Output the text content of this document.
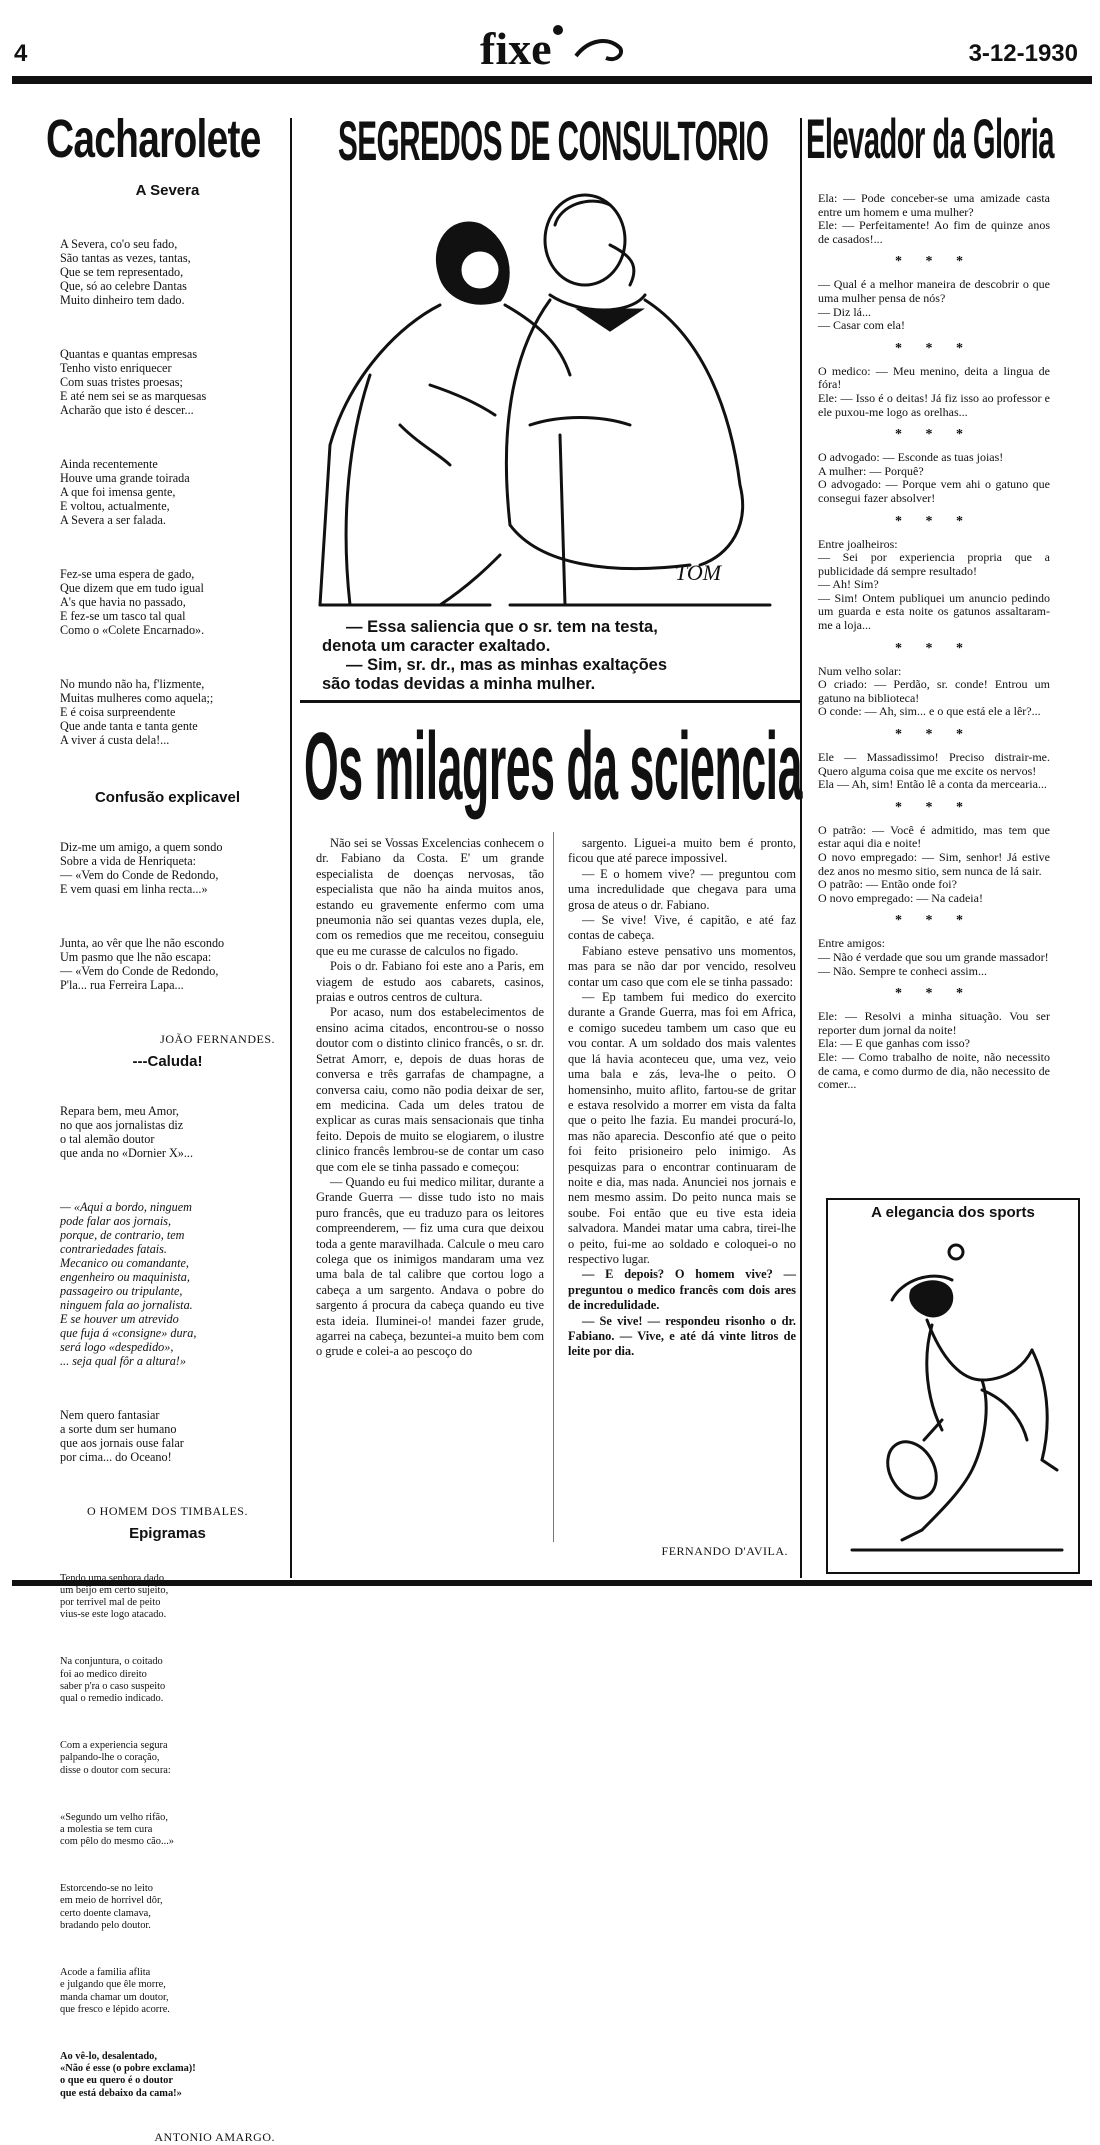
4	fixe	3-12-1930
Cacharolete
A Severa

A Severa, co'o seu fado,
São tantas as vezes, tantas,
Que se tem representado,
Que, só ao celebre Dantas
Muito dinheiro tem dado.

Quantas e quantas empresas
Tenho visto enriquecer
Com suas tristes proesas;
E até nem sei se as marquesas
Acharão que isto é descer...

Ainda recentemente
Houve uma grande toirada
A que foi imensa gente,
E voltou, actualmente,
A Severa a ser falada.

Fez-se uma espera de gado,
Que dizem que em tudo igual
A's que havia no passado,
E fez-se um tasco tal qual
Como o «Colete Encarnado».

No mundo não ha, f'lizmente,
Muitas mulheres como aquela;;
E é coisa surpreendente
Que ande tanta e tanta gente
A viver á custa dela!...

Confusão explicavel

Diz-me um amigo, a quem sondo
Sobre a vida de Henriqueta:
— «Vem do Conde de Redondo,
E vem quasi em linha recta...»

Junta, ao vêr que lhe não escondo
Um pasmo que lhe não escapa:
— «Vem do Conde de Redondo,
P'la... rua Ferreira Lapa...

JOÃO FERNANDES.
---Caluda!

Repara bem, meu Amor,
no que aos jornalistas diz
o tal alemão doutor
que anda no «Dornier X»...

— «Aqui a bordo, ninguem
pode falar aos jornais,
porque, de contrario, tem
contrariedades fatais.
Mecanico ou comandante,
engenheiro ou maquinista,
passageiro ou tripulante,
ninguem fala ao jornalista.
E se houver um atrevido
que fuja á «consigne» dura,
será logo «despedido»,
... seja qual fôr a altura!»

Nem quero fantasiar
a sorte dum ser humano
que aos jornais ouse falar
por cima... do Oceano!

O HOMEM DOS TIMBALES.
Epigramas

Tendo uma senhora dado
um beijo em certo sujeito,
por terrivel mal de peito
vius-se este logo atacado.

Na conjuntura, o coitado
foi ao medico direito
saber p'ra o caso suspeito
qual o remedio indicado.

Com a experiencia segura
palpando-lhe o coração,
disse o doutor com secura:

«Segundo um velho rifão,
a molestia se tem cura
com pêlo do mesmo cão...»

Estorcendo-se no leito
em meio de horrivel dôr,
certo doente clamava,
bradando pelo doutor.

Acode a familia aflita
e julgando que êle morre,
manda chamar um doutor,
que fresco e lépido acorre.

Ao vê-lo, desalentado,
«Não é esse (o pobre exclama)!
o que eu quero é o doutor
que está debaixo da cama!»

ANTONIO AMARGO.
SEGREDOS DE CONSULTORIO
TOM
— Essa saliencia que o sr. tem na testa,
denota um caracter exaltado.
— Sim, sr. dr., mas as minhas exaltações
são todas devidas a minha mulher.
Os milagres da sciencia

Não sei se Vossas Excelencias conhecem o dr. Fabiano da Costa. E' um grande especialista de doenças nervosas, tão especialista que não ha ainda muitos anos, estando eu gravemente enfermo com uma pneumonia não sei quantas vezes dupla, ele, com os remedios que me receitou, conseguiu que eu me curasse de calculos no figado.

Pois o dr. Fabiano foi este ano a Paris, em viagem de estudo aos cabarets, casinos, praias e outros centros de cultura.

Por acaso, num dos estabelecimentos de ensino acima citados, encontrou-se o nosso doutor com o distinto clinico francês, o sr. dr. Setrat Amorr, e, depois de duas horas de conversa e três garrafas de champagne, a conversa caiu, como não podia deixar de ser, em medicina. Cada um deles tratou de explicar as curas mais sensacionais que tinha feito. Depois de muito se elogiarem, o ilustre clinico francês lembrou-se de contar um caso que com ele se tinha passado e começou:

— Quando eu fui medico militar, durante a Grande Guerra — disse tudo isto no mais puro francês, que eu traduzo para os leitores compreenderem, — fiz uma cura que deixou toda a gente maravilhada. Calcule o meu caro colega que os inimigos mandaram uma vez uma bala de tal calibre que cortou logo a cabeça a um sargento. Andava o pobre do sargento á procura da cabeça quando eu tive esta ideia. Iluminei-o! mandei fazer grude, agarrei na cabeça, bezuntei-a muito bem com o grude e colei-a ao pescoço do

sargento. Liguei-a muito bem é pronto, ficou que até parece impossivel.

— E o homem vive? — preguntou com uma incredulidade que chegava para uma grosa de ateus o dr. Fabiano.

— Se vive! Vive, é capitão, e até faz contas de cabeça.

Fabiano esteve pensativo uns momentos, mas para se não dar por vencido, resolveu contar um caso que com ele se tinha passado:

— Ep tambem fui medico do exercito durante a Grande Guerra, mas foi em Africa, e comigo sucedeu tambem um caso que eu vou contar. A um soldado dos mais valentes que lá havia aconteceu que, uma vez, veio uma bala e zás, leva-lhe o peito. O homensinho, muito aflito, fartou-se de gritar e estava resolvido a morrer em vista da falta que o peito lhe fazia. Eu mandei procurá-lo, mas não aparecia. Desconfio até que o peito foi feito prisioneiro pelo inimigo. As pesquizas para o encontrar continuaram de noite e dia, mas nada. Anunciei nos jornais e nem mesmo assim. Do peito nunca mais se soube. Foi então que eu tive esta ideia salvadora. Mandei matar uma cabra, tirei-lhe o peito, fui-me ao soldado e coloquei-o no respectivo lugar.

— E depois? O homem vive? — preguntou o medico francês com dois ares de incredulidade.

— Se vive! — respondeu risonho o dr. Fabiano. — Vive, e até dá vinte litros de leite por dia.

FERNANDO D'AVILA.
Elevador da Gloria

Ela: — Pode conceber-se uma amizade casta entre um homem e uma mulher?

Ele: — Perfeitamente! Ao fim de quinze anos de casados!...

* * *

— Qual é a melhor maneira de descobrir o que uma mulher pensa de nós?

— Diz lá...

— Casar com ela!

* * *

O medico: — Meu menino, deita a lingua de fóra!

Ele: — Isso é o deitas! Já fiz isso ao professor e ele puxou-me logo as orelhas...

* * *

O advogado: — Esconde as tuas joias!

A mulher: — Porquê?

O advogado: — Porque vem ahi o gatuno que consegui fazer absolver!

* * *

Entre joalheiros:

— Sei por experiencia propria que a publicidade dá sempre resultado!

— Ah! Sim?

— Sim! Ontem publiquei um anuncio pedindo um guarda e esta noite os gatunos assaltaram-me a loja...

* * *

Num velho solar:

O criado: — Perdão, sr. conde! Entrou um gatuno na biblioteca!

O conde: — Ah, sim... e o que está ele a lêr?...

* * *

Ele — Massadissimo! Preciso distrair-me. Quero alguma coisa que me excite os nervos!

Ela — Ah, sim! Então lê a conta da mercearia...

* * *

O patrão: — Você é admitido, mas tem que estar aqui dia e noite!

O novo empregado: — Sim, senhor! Já estive dez anos no mesmo sitio, sem nunca de lá sair.

O patrão: — Então onde foi?

O novo empregado: — Na cadeia!

* * *

Entre amigos:

— Não é verdade que sou um grande massador!

— Não. Sempre te conheci assim...

* * *

Ele: — Resolvi a minha situação. Vou ser reporter dum jornal da noite!

Ela: — E que ganhas com isso?

Ele: — Como trabalho de noite, não necessito de cama, e como durmo de dia, não necessito de comer...

A elegancia dos sports
